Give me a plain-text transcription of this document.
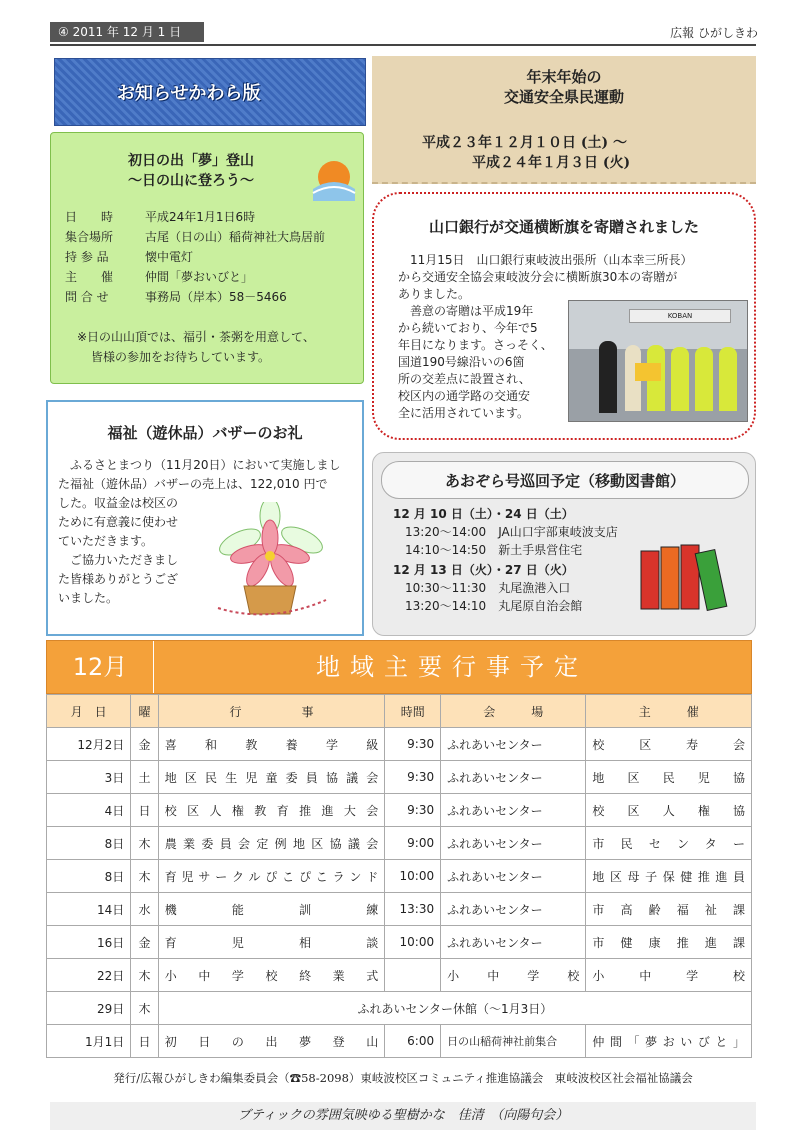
④ 2011 年 12 月 1 日	広報 ひがしきわ
お知らせかわら版
年末年始の
交通安全県民運動
平成２３年１２月１０日 (土) ～
平成２４年１月３日 (火)
初日の出「夢」登山
～日の山に登ろう～
日　　時	平成24年1月1日6時
集合場所	古尾（日の山）稲荷神社大鳥居前
持 参 品	懐中電灯
主　　催	仲間「夢おいびと」
問 合 せ	事務局（岸本）58－5466
※日の山山頂では、福引・茶粥を用意して、
皆様の参加をお待ちしています。
福祉（遊休品）バザーのお礼
ふるさとまつり（11月20日）において実施しまし
た福祉（遊休品）バザーの売上は、122,010 円で
した。収益金は校区の
ために有意義に使わせ
ていただきます。
ご協力いただきまし
た皆様ありがとうござ
いました。
山口銀行が交通横断旗を寄贈されました
11月15日　山口銀行東岐波出張所（山本幸三所長）
から交通安全協会東岐波分会に横断旗30本の寄贈が
ありました。
善意の寄贈は平成19年
から続いており、今年で5
年目になります。さっそく、
国道190号線沿いの6箇
所の交差点に設置され、
校区内の通学路の交通安
全に活用されています。
KOBAN
あおぞら号巡回予定（移動図書館）
12 月 10 日（土）・24 日（土）
13:20～14:00　 JA山口宇部東岐波支店
14:10～14:50　 新土手県営住宅
12 月 13 日（火）・27 日（火）
10:30～11:30　 丸尾漁港入口
13:20～14:10　 丸尾原自治会館
12月	地域主要行事予定
月　日	曜	行　　　　　事	時間	会　　　場	主　　　催
12月2日	金	喜和教養学級	9:30	ふれあいセンター	校区寿会
3日	土	地区民生児童委員協議会	9:30	ふれあいセンター	地区民児協
4日	日	校区人権教育推進大会	9:30	ふれあいセンター	校区人権協
8日	木	農業委員会定例地区協議会	9:00	ふれあいセンター	市民センター
8日	木	育児サークルぴこぴこランド	10:00	ふれあいセンター	地区母子保健推進員
14日	水	機能訓練	13:30	ふれあいセンター	市高齢福祉課
16日	金	育児相談	10:00	ふれあいセンター	市健康推進課
22日	木	小中学校終業式		小中学校	小中学校
29日	木	ふれあいセンター休館（～1月3日）			
1月1日	日	初日の出夢登山	6:00	日の山稲荷神社前集合	仲間「夢おいびと」
発行/広報ひがしきわ編集委員会（☎58-2098）東岐波校区コミュニティ推進協議会　東岐波校区社会福祉協議会
ブティックの雰囲気映ゆる聖樹かな　佳清　（向陽句会）
